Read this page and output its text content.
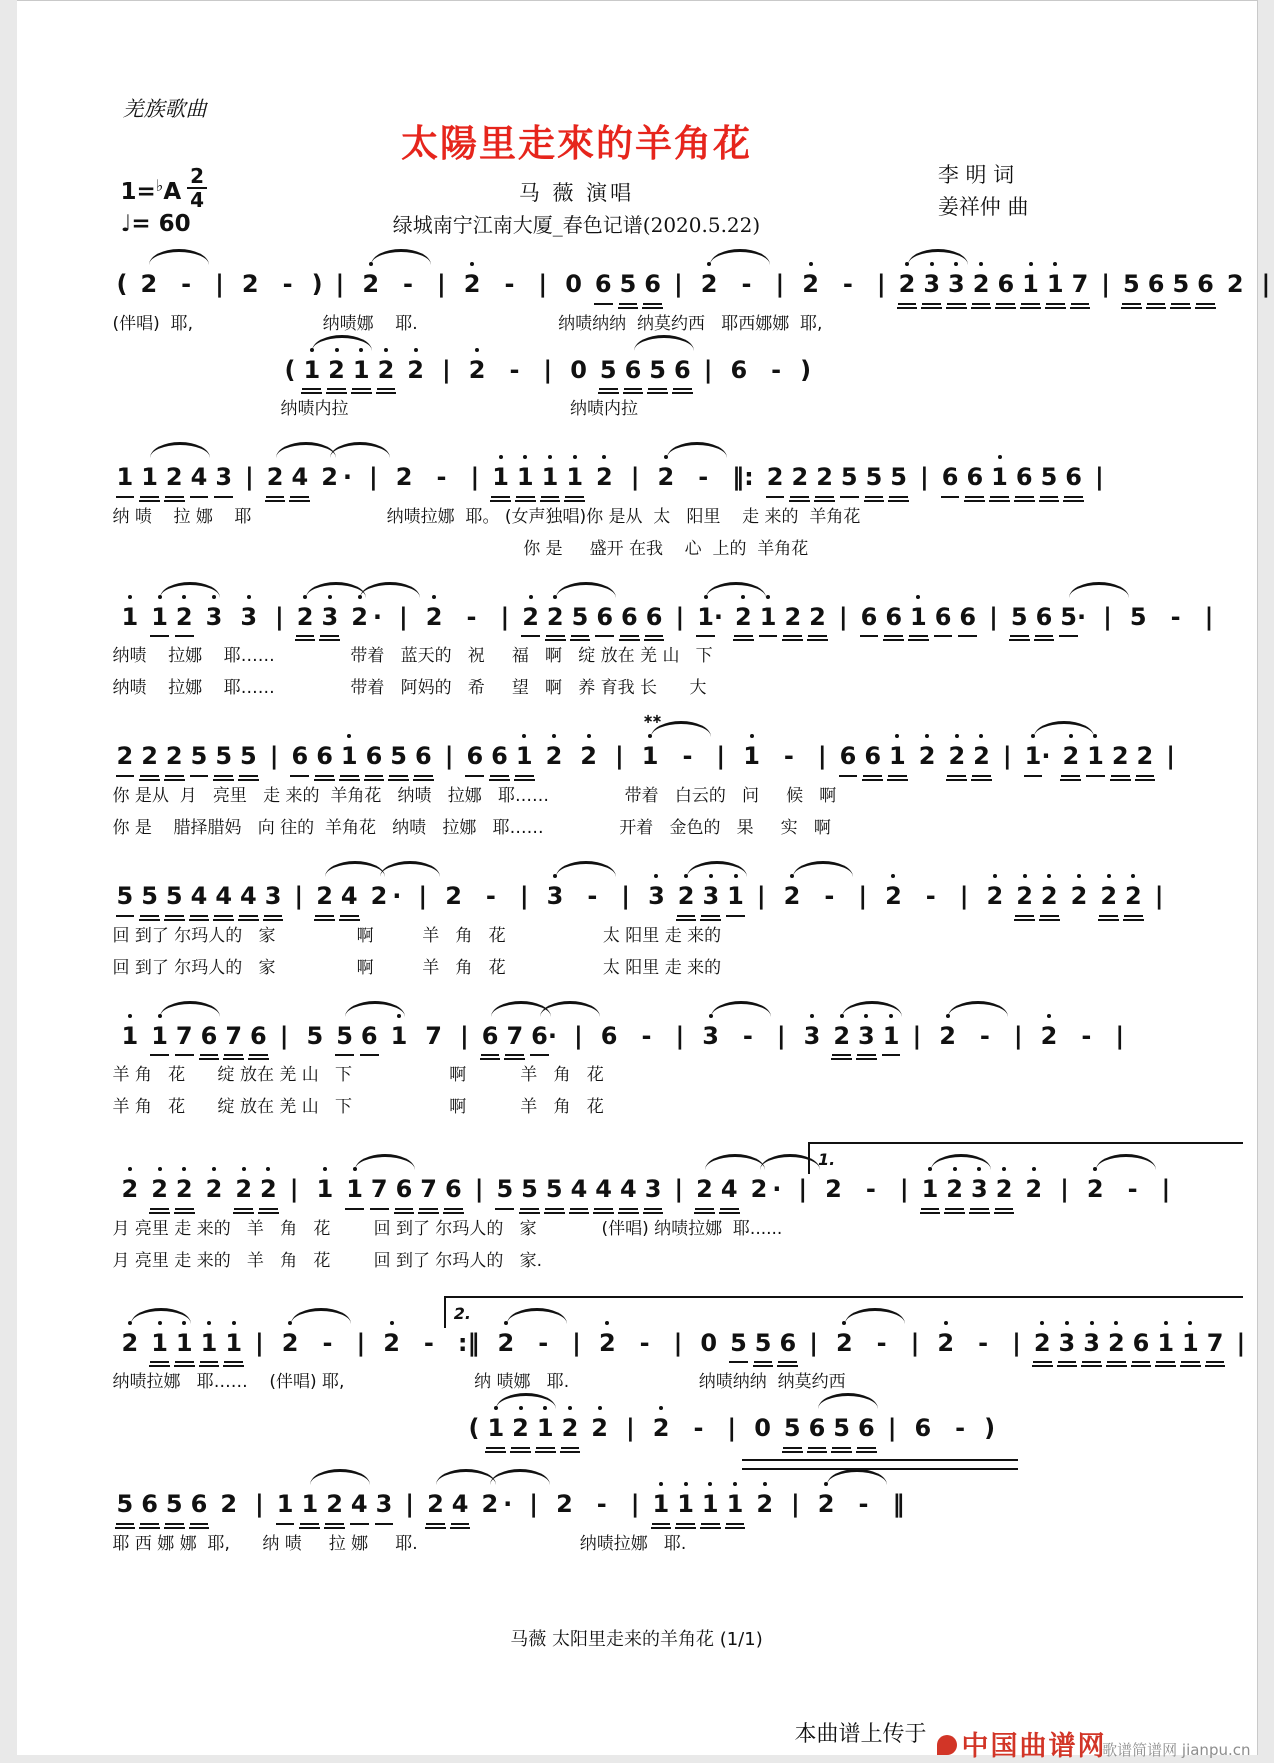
羌族歌曲
太陽里走來的羊角花
马 薇 演唱
绿城南宁江南大厦_春色记谱(2020.5.22)
$1=^♭A \frac{2}{4}$
♩= 60
李 明 词
姜祥仲 曲
( 2 - | 2 - ) | 2 - | 2 - | 0 6 5 6 | 2 - | 2 - | 2 3 3 2 6 1 1 7 | 5 6 5 6 2 |
(伴唱)  耶,                        纳啧娜    耶.                          纳啧纳纳  纳莫约西   耶西娜娜  耶,
( 1 2 1 2 2 | 2 - | 0 5 6 5 6 | 6 - )
纳啧内拉                                         纳啧内拉
1 1 2 4 3 | 2 4 2 · | 2 - | 1 1 1 1 2 | 2 - ‖: 2 2 2 5 5 5 | 6 6 1 6 5 6 |
纳 啧    拉 娜    耶                         纳啧拉娜  耶。 (女声独唱)你 是从  太   阳里    走 来的  羊角花
你 是     盛开 在我    心  上的  羊角花
1 1 2 3 3 | 2 3 2 · | 2 - | 2 2 5 6 6 6 | 1
· 2 1 2 2 | 6 6 1 6 6 | 5 6 5
· | 5 - |
纳啧    拉娜    耶……              带着   蓝天的   祝     福   啊   绽 放在 羌 山   下
纳啧    拉娜    耶……              带着   阿妈的   希     望   啊   养 育我 长      大
2 2 2 5 5 5 | 6 6 1 6 5 6 | 6 6 1 2 2 | 1
∗∗
- | 1 - | 6 6 1 2 2 2 | 1
· 2 1 2 2 |
你 是从  月   亮里   走 来的  羊角花   纳啧   拉娜   耶……              带着   白云的   问     候   啊
你 是    腊择腊妈   向 往的  羊角花   纳啧   拉娜   耶……              开着   金色的   果     实   啊
5 5 5 4 4 4 3 | 2 4 2 · | 2 - | 3 - | 3 2 3 1 | 2 - | 2 - | 2 2 2 2 2 2 |
回 到了 尔玛人的   家               啊         羊   角   花                  太 阳里 走 来的
回 到了 尔玛人的   家               啊         羊   角   花                  太 阳里 走 来的
1 1 7 6 7 6 | 5 5 6 1 7 | 6 7 6
· | 6 - | 3 - | 3 2 3 1 | 2 - | 2 - |
羊 角   花      绽 放在 羌 山   下                  啊          羊   角   花
羊 角   花      绽 放在 羌 山   下                  啊          羊   角   花
1.
2 2 2 2 2 2 | 1 1 7 6 7 6 | 5 5 5 4 4 4 3 | 2 4 2 · | 2 - | 1 2 3 2 2 | 2 - |
月 亮里 走 来的   羊   角   花        回 到了 尔玛人的   家            (伴唱) 纳啧拉娜  耶......
月 亮里 走 来的   羊   角   花        回 到了 尔玛人的   家.
2.
2 1 1 1 1 | 2 - | 2 - :‖ 2 - | 2 - | 0 5 5 6 | 2 - | 2 - | 2 3 3 2 6 1 1 7 |
纳啧拉娜   耶……    (伴唱) 耶,                        纳 啧娜   耶.                        纳啧纳纳  纳莫约西
( 1 2 1 2 2 | 2 - | 0 5 6 5 6 | 6 - )
5 6 5 6 2 | 1 1 2 4 3 | 2 4 2 · | 2 - | 1 1 1 1 2 | 2 - ‖
耶 西 娜 娜  耶,      纳 啧     拉 娜     耶.                              纳啧拉娜   耶.
马薇 太阳里走来的羊角花 (1/1)
本曲谱上传于 中国曲谱网
歌谱简谱网 jianpu.cn
